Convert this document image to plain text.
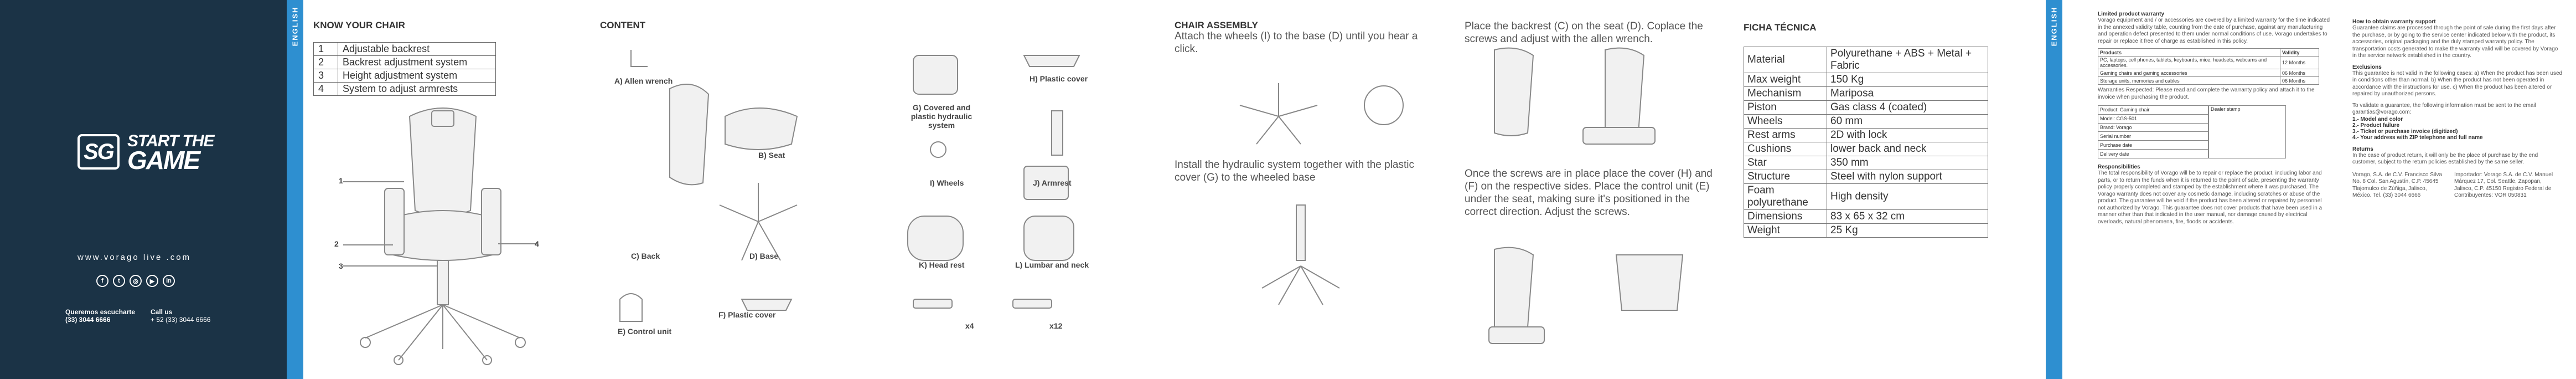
SG START THE
GAME
www.vorago live .com
f	t	◎	▶	in
Queremos escucharte
(33) 3044 6666
Call us
+ 52 (33) 3044 6666
ENGLISH KNOW YOUR CHAIR
1	Adjustable backrest
2	Backrest adjustment system
3	Height adjustment system
4	System to adjust armrests
1
2
3
4
CONTENT
A) Allen wrench
B) Seat
C) Back	D) Base
E) Control unit
F) Plastic cover
G) Covered and plastic hydraulic system
H) Plastic cover
I) Wheels	J) Armrest
K) Head rest	L) Lumbar and neck
x4	x12
CHAIR ASSEMBLY
Attach the wheels (I) to the base (D) until you hear a click.
Install the hydraulic system together with the plastic cover (G) to the wheeled base
Place the backrest (C) on the seat (D). Coplace the screws and adjust with the allen wrench.
Once the screws are in place place the cover (H) and (F) on the respective sides. Place the control unit (E) under the seat, making sure it's positioned in the correct direction. Adjust the screws.
FICHA TÉCNICA
Material	Polyurethane + ABS + Metal + Fabric
Max weight	150 Kg
Mechanism	Mariposa
Piston	Gas class 4 (coated)
Wheels	60 mm
Rest arms	2D with lock
Cushions	lower back and neck
Star	350 mm
Structure	Steel with nylon support
Foam polyurethane	High density
Dimensions	83 x 65 x 32 cm
Weight	25 Kg
ENGLISH	Limited product warranty
Vorago equipment and / or accessories are covered by a limited warranty for the time indicated in the annexed validity table, counting from the date of purchase, against any manufacturing and operation defect presented to them under normal conditions of use. Vorago undertakes to repair or replace it free of charge as established in this policy.
Products	Validity
PC, laptops, cell phones, tablets, keyboards, mice, headsets, webcams and accessories.	12 Months
Gaming chairs and gaming accessories	06 Months
Storage units, memories and cables	06 Months
Warranties Respected: Please read and complete the warranty policy and attach it to the invoice when purchasing the product.
Product: Gaming chair
Model: CGS-501
Brand: Vorago
Serial number
Purchase date
Delivery date
Dealer stamp
Responsibilities
The total responsibility of Vorago will be to repair or replace the product, including labor and parts, or to return the funds when it is returned to the point of sale, presenting the warranty policy properly completed and stamped by the establishment where it was purchased. The Vorago warranty does not cover any cosmetic damage, including scratches or abuse of the product. The guarantee will be void if the product has been altered or repaired by personnel not authorized by Vorago. This guarantee does not cover products that have been used in a manner other than that indicated in the user manual, nor damage caused by electrical overloads, natural phenomena, fire, floods or accidents.
How to obtain warranty support
Guarantee claims are processed through the point of sale during the first days after the purchase, or by going to the service center indicated below with the product, its accessories, original packaging and the duly stamped warranty policy. The transportation costs generated to make the warranty valid will be covered by Vorago in the service network established in the country.
Exclusions
This guarantee is not valid in the following cases: a) When the product has been used in conditions other than normal. b) When the product has not been operated in accordance with the instructions for use. c) When the product has been altered or repaired by unauthorized persons.
To validate a guarantee, the following information must be sent to the email garantias@vorago.com:
1.- Model and color
2.- Product failure
3.- Ticket or purchase invoice (digitized)
4.- Your address with ZIP telephone and full name
Returns
In the case of product return, it will only be the place of purchase by the end customer, subject to the return policies established by the same seller.
Vorago, S.A. de C.V. Francisco Silva No. 8 Col. San Agustín, C.P. 45645 Tlajomulco de Zúñiga, Jalisco, México. Tel. (33) 3044 6666
Importador: Vorago S.A. de C.V. Manuel Márquez 17, Col. Seattle, Zapopan, Jalisco, C.P. 45150 Registro Federal de Contribuyentes: VOR 050831
